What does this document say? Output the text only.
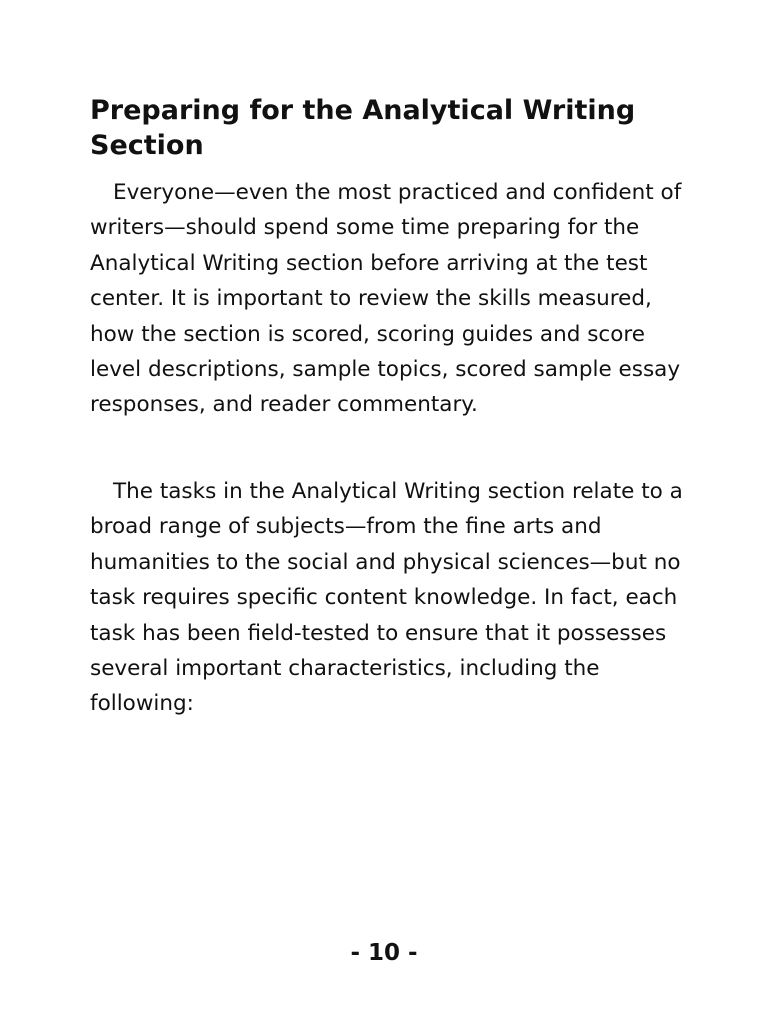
Preparing for the Analytical Writing Section

Everyone—even the most practiced and confident of writers—should spend some time preparing for the Analytical Writing section before arriving at the test center. It is important to review the skills measured, how the section is scored, scoring guides and score level descriptions, sample topics, scored sample essay responses, and reader commentary.

The tasks in the Analytical Writing section relate to a broad range of subjects—from the fine arts and humanities to the social and physical sciences—but no task requires specific content knowledge. In fact, each task has been field-tested to ensure that it possesses several important characteristics, including the following:

- 10 -
